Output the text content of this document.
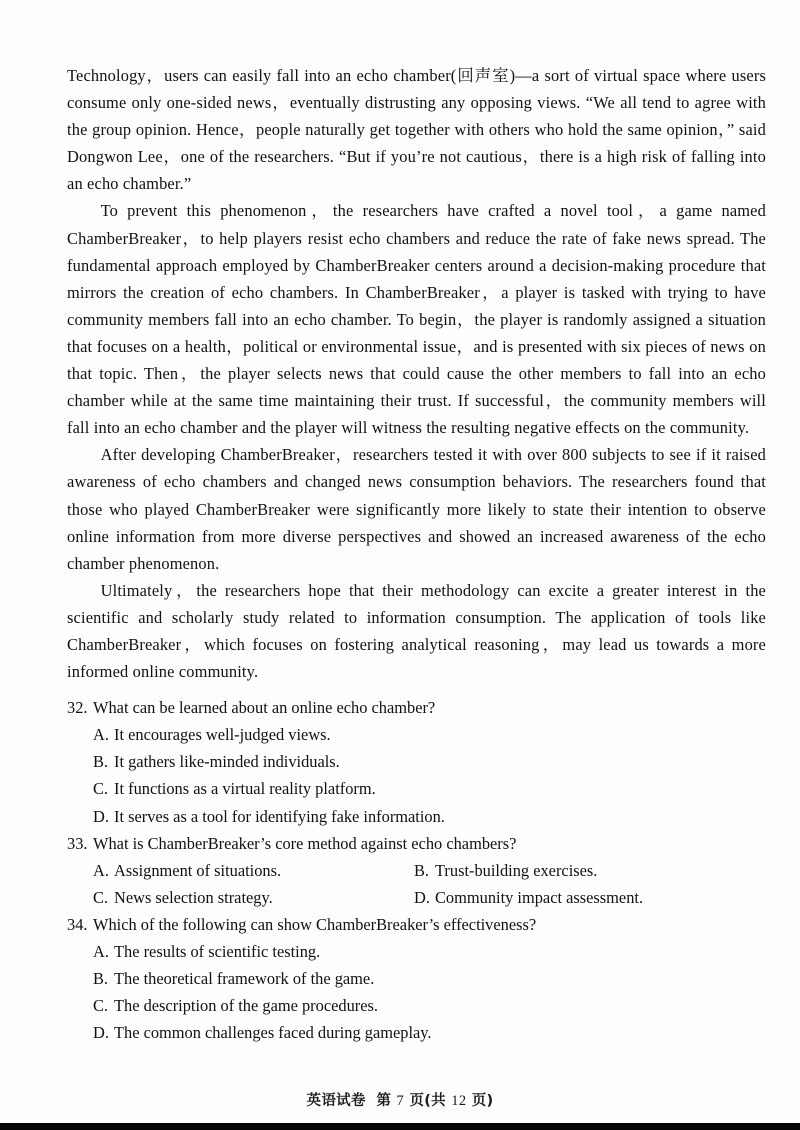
Technology，users can easily fall into an echo chamber(回声室)—a sort of virtual space where users consume only one-sided news，eventually distrusting any opposing views. “We all tend to agree with the group opinion. Hence，people naturally get together with others who hold the same opinion，” said Dongwon Lee，one of the researchers. “But if you’re not cautious，there is a high risk of falling into an echo chamber.”
To prevent this phenomenon，the researchers have crafted a novel tool，a game named ChamberBreaker，to help players resist echo chambers and reduce the rate of fake news spread. The fundamental approach employed by ChamberBreaker centers around a decision-making procedure that mirrors the creation of echo chambers. In ChamberBreaker，a player is tasked with trying to have community members fall into an echo chamber. To begin，the player is randomly assigned a situation that focuses on a health，political or environmental issue，and is presented with six pieces of news on that topic. Then，the player selects news that could cause the other members to fall into an echo chamber while at the same time maintaining their trust. If successful，the community members will fall into an echo chamber and the player will witness the resulting negative effects on the community.
After developing ChamberBreaker，researchers tested it with over 800 subjects to see if it raised awareness of echo chambers and changed news consumption behaviors. The researchers found that those who played ChamberBreaker were significantly more likely to state their intention to observe online information from more diverse perspectives and showed an increased awareness of the echo chamber phenomenon.
Ultimately，the researchers hope that their methodology can excite a greater interest in the scientific and scholarly study related to information consumption. The application of tools like ChamberBreaker，which focuses on fostering analytical reasoning，may lead us towards a more informed online community.
32. What can be learned about an online echo chamber?
A. It encourages well-judged views.
B. It gathers like-minded individuals.
C. It functions as a virtual reality platform.
D. It serves as a tool for identifying fake information.
33. What is ChamberBreaker’s core method against echo chambers?
A. Assignment of situations.	B. Trust-building exercises.
C. News selection strategy.	D. Community impact assessment.
34. Which of the following can show ChamberBreaker’s effectiveness?
A. The results of scientific testing.
B. The theoretical framework of the game.
C. The description of the game procedures.
D. The common challenges faced during gameplay.
英语试卷 第 7 页(共 12 页)
